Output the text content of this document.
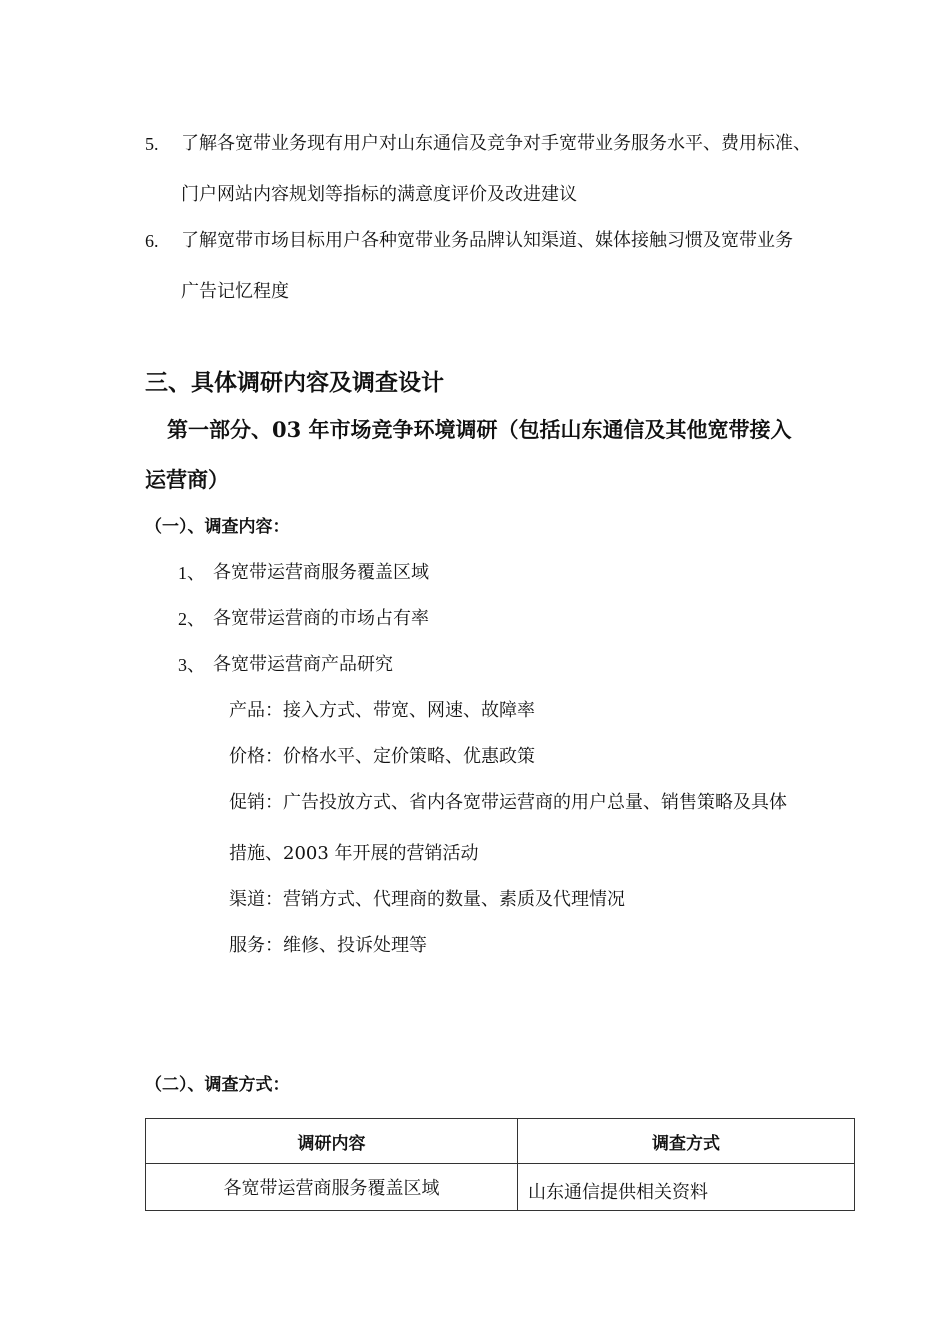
5. 了解各宽带业务现有用户对山东通信及竞争对手宽带业务服务水平、费用标准、
门户网站内容规划等指标的满意度评价及改进建议
6. 了解宽带市场目标用户各种宽带业务品牌认知渠道、媒体接触习惯及宽带业务
广告记忆程度
三、具体调研内容及调查设计
第一部分、03 年市场竞争环境调研（包括山东通信及其他宽带接入
运营商）
（一）、调查内容：
1、 各宽带运营商服务覆盖区域
2、 各宽带运营商的市场占有率
3、 各宽带运营商产品研究
产品：接入方式、带宽、网速、故障率
价格：价格水平、定价策略、优惠政策
促销：广告投放方式、省内各宽带运营商的用户总量、销售策略及具体
措施、2003 年开展的营销活动
渠道：营销方式、代理商的数量、素质及代理情况
服务：维修、投诉处理等
（二）、调查方式：
调研内容	调查方式
各宽带运营商服务覆盖区域	山东通信提供相关资料
